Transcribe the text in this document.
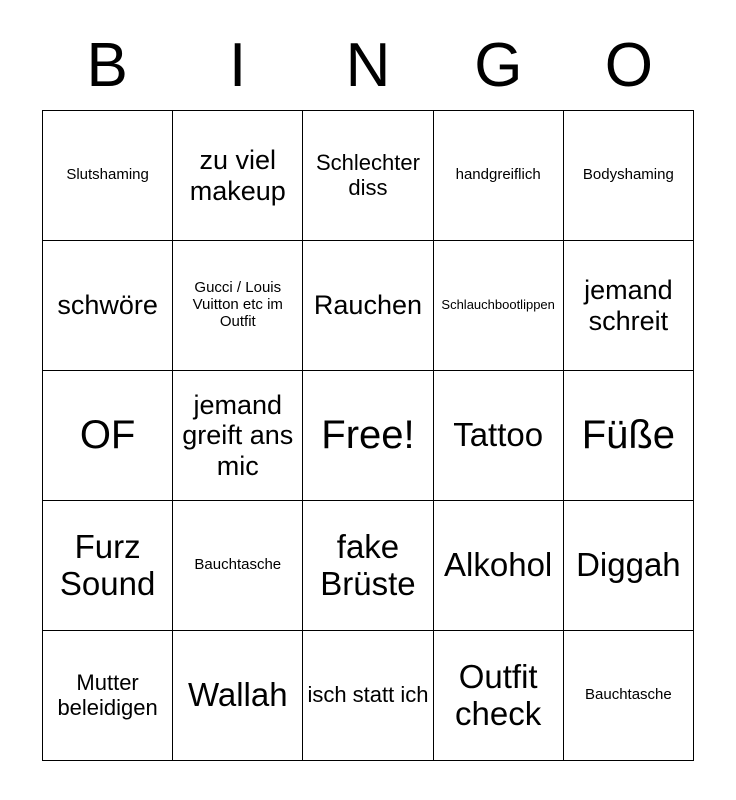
B	I	N	G	O
Slutshaming	zu viel makeup	Schlechter diss	handgreiflich	Bodyshaming

schwöre	Gucci / Louis Vuitton etc im Outfit	Rauchen	Schlauchbootlippen	jemand schreit

OF	jemand greift ans mic	Free!	Tattoo	Füße

Furz Sound	Bauchtasche	fake Brüste	Alkohol	Diggah

Mutter beleidigen	Wallah	isch statt ich	Outfit check	Bauchtasche
